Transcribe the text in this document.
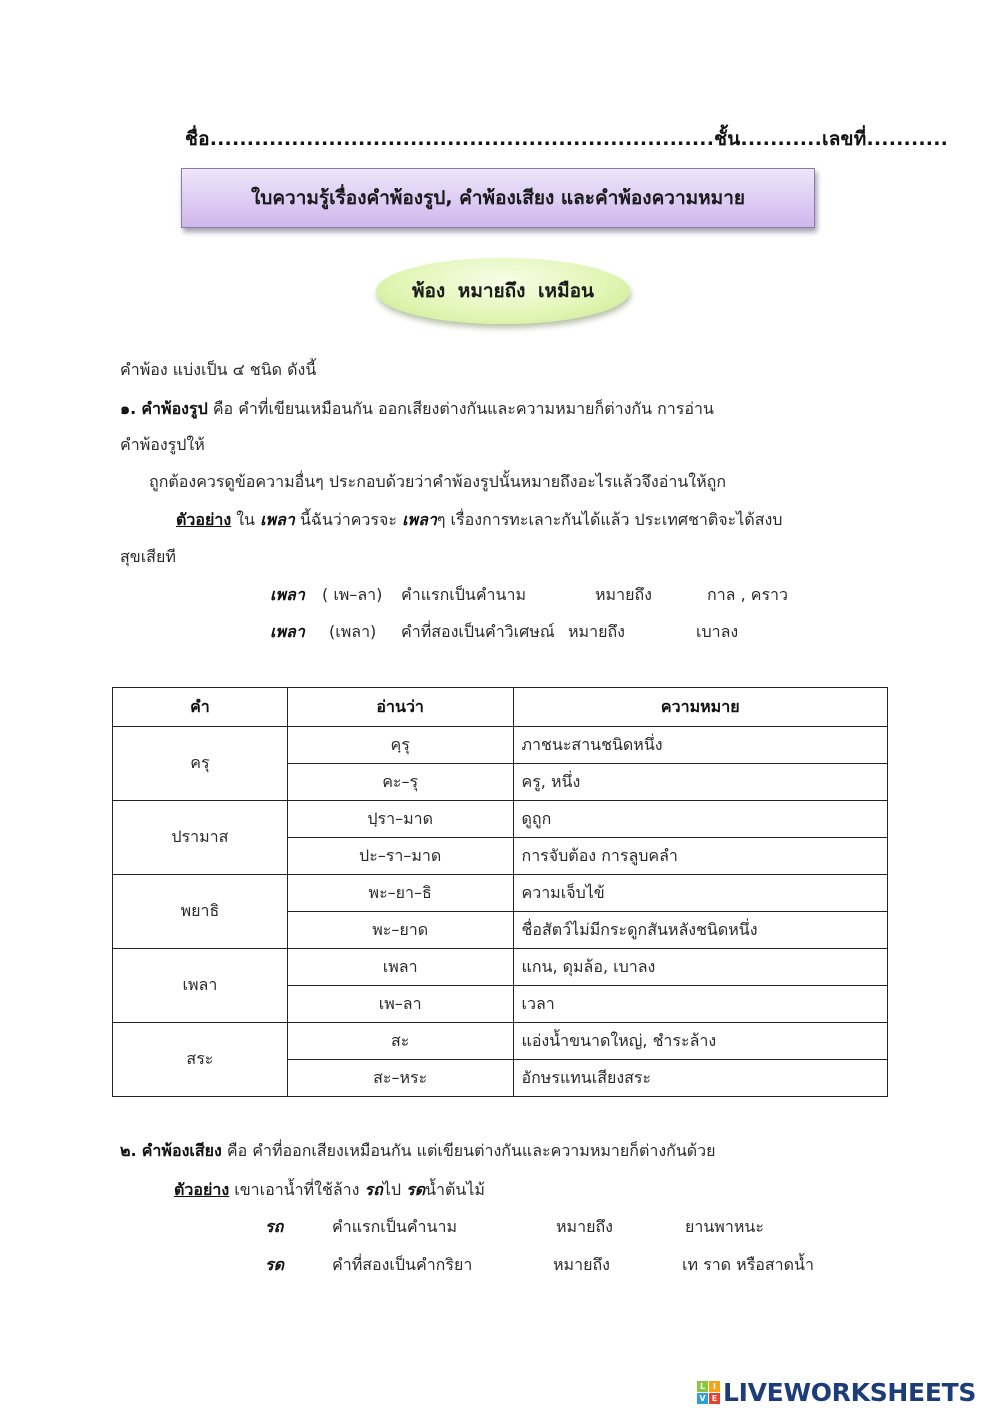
ชื่อ....................................................................ชั้น...........เลขที่...........
ใบความรู้เรื่องคำพ้องรูป, คำพ้องเสียง และคำพ้องความหมาย
พ้อง หมายถึง เหมือน
คำพ้อง แบ่งเป็น ๔ ชนิด ดังนี้
๑. คำพ้องรูป คือ คำที่เขียนเหมือนกัน ออกเสียงต่างกันและความหมายก็ต่างกัน การอ่าน
คำพ้องรูปให้
ถูกต้องควรดูข้อความอื่นๆ ประกอบด้วยว่าคำพ้องรูปนั้นหมายถึงอะไรแล้วจึงอ่านให้ถูก
ตัวอย่าง ใน เพลา นี้ฉันว่าควรจะ เพลาๆ เรื่องการทะเลาะกันได้แล้ว ประเทศชาติจะได้สงบ
สุขเสียที
เพลา ( เพ–ลา) คำแรกเป็นคำนาม	หมายถึง	กาล , คราว
เพลา (เพลา) คำที่สองเป็นคำวิเศษณ์ หมายถึง	เบาลง
คำ	อ่านว่า	ความหมาย
ครุ	คฺรุ	ภาชนะสานชนิดหนึ่ง
	คะ–รุ	ครู, หนึ่ง
ปรามาส	ปฺรา–มาด	ดูถูก
	ปะ–รา–มาด	การจับต้อง การลูบคลำ
พยาธิ	พะ–ยา–ธิ	ความเจ็บไข้
	พะ–ยาด	ชื่อสัตว์ไม่มีกระดูกสันหลังชนิดหนึ่ง
เพลา	เพลา	แกน, ดุมล้อ, เบาลง
	เพ–ลา	เวลา
สระ	สะ	แอ่งน้ำขนาดใหญ่, ชำระล้าง
	สะ–หระ	อักษรแทนเสียงสระ
๒. คำพ้องเสียง คือ คำที่ออกเสียงเหมือนกัน แต่เขียนต่างกันและความหมายก็ต่างกันด้วย
ตัวอย่าง เขาเอาน้ำที่ใช้ล้าง รถไป รดน้ำต้นไม้
รถ	คำแรกเป็นคำนาม	หมายถึง	ยานพาหนะ
รด	คำที่สองเป็นคำกริยา	หมายถึง	เท ราด หรือสาดน้ำ
L I
V E LIVEWORKSHEETS
